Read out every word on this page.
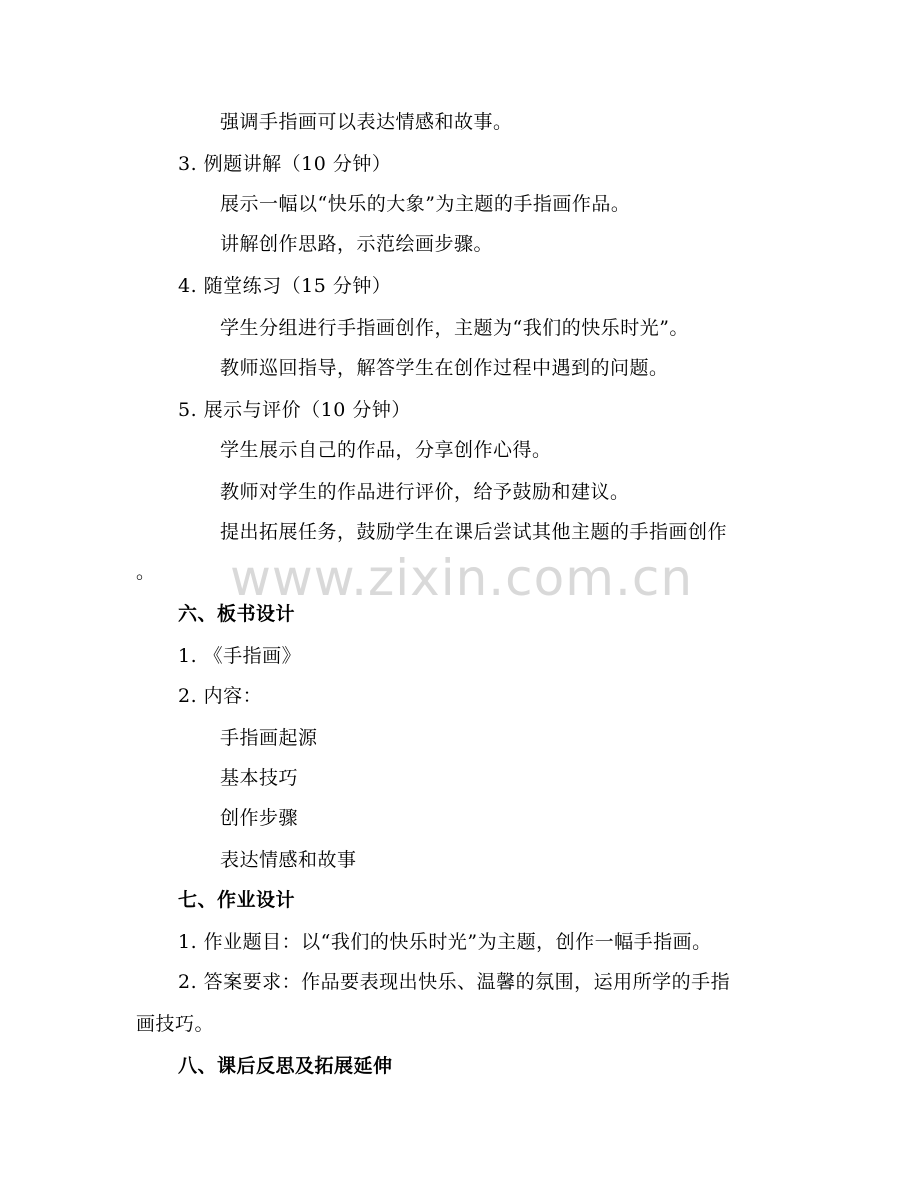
强调手指画可以表达情感和故事。
3. 例题讲解（10 分钟）
展示一幅以“快乐的大象”为主题的手指画作品。
讲解创作思路，示范绘画步骤。
4. 随堂练习（15 分钟）
学生分组进行手指画创作，主题为“我们的快乐时光”。
教师巡回指导，解答学生在创作过程中遇到的问题。
5. 展示与评价（10 分钟）
学生展示自己的作品，分享创作心得。
教师对学生的作品进行评价，给予鼓励和建议。
提出拓展任务，鼓励学生在课后尝试其他主题的手指画创作
。
六、板书设计
1. 《手指画》
2. 内容：
手指画起源
基本技巧
创作步骤
表达情感和故事
七、作业设计
1. 作业题目：以“我们的快乐时光”为主题，创作一幅手指画。
2. 答案要求：作品要表现出快乐、温馨的氛围，运用所学的手指
画技巧。
八、课后反思及拓展延伸
www.zixin.com.cn
